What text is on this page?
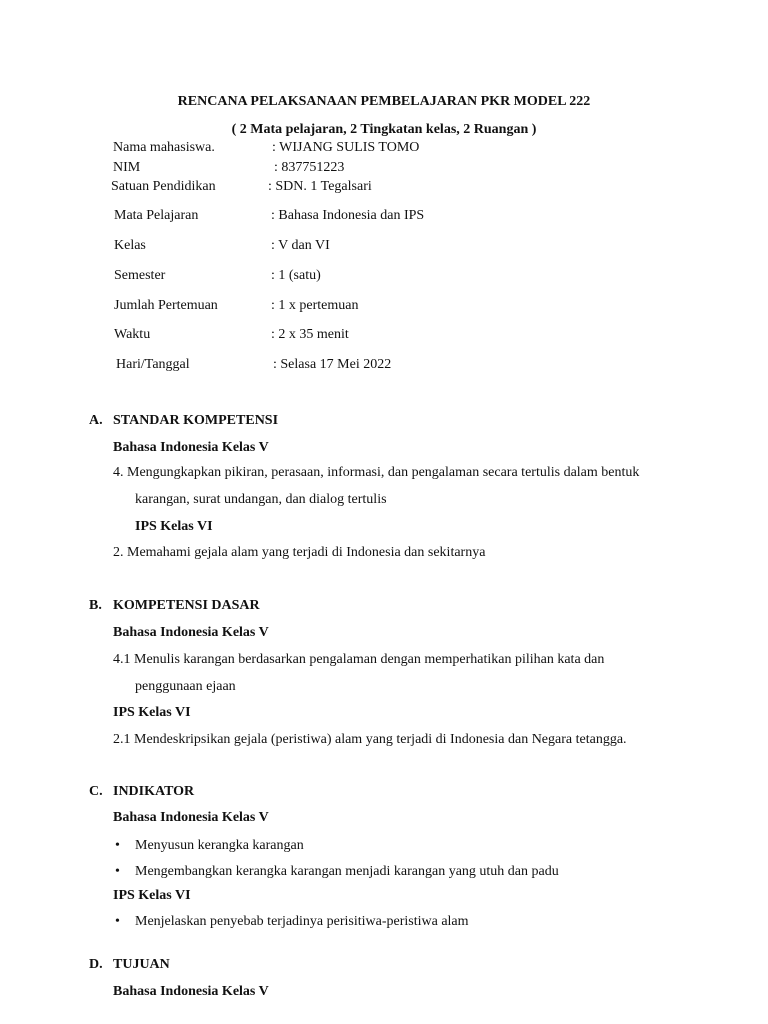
RENCANA PELAKSANAAN PEMBELAJARAN PKR MODEL 222
( 2 Mata pelajaran, 2 Tingkatan kelas, 2 Ruangan )
Nama mahasiswa.	: WIJANG SULIS TOMO
NIM	: 837751223
Satuan Pendidikan	: SDN. 1 Tegalsari
Mata Pelajaran	: Bahasa Indonesia dan IPS
Kelas	: V dan VI
Semester	: 1 (satu)
Jumlah Pertemuan	: 1 x pertemuan
Waktu	: 2 x 35 menit
Hari/Tanggal	: Selasa 17 Mei 2022
A. STANDAR KOMPETENSI
Bahasa Indonesia Kelas V
4. Mengungkapkan pikiran, perasaan, informasi, dan pengalaman secara tertulis dalam bentuk
karangan, surat undangan, dan dialog tertulis
IPS Kelas VI
2. Memahami gejala alam yang terjadi di Indonesia dan sekitarnya
B. KOMPETENSI DASAR
Bahasa Indonesia Kelas V
4.1 Menulis karangan berdasarkan pengalaman dengan memperhatikan pilihan kata dan
penggunaan ejaan
IPS Kelas VI
2.1 Mendeskripsikan gejala (peristiwa) alam yang terjadi di Indonesia dan Negara tetangga.
C. INDIKATOR
Bahasa Indonesia Kelas V
• Menyusun kerangka karangan
• Mengembangkan kerangka karangan menjadi karangan yang utuh dan padu
IPS Kelas VI
• Menjelaskan penyebab terjadinya perisitiwa-peristiwa alam
D. TUJUAN
Bahasa Indonesia Kelas V
